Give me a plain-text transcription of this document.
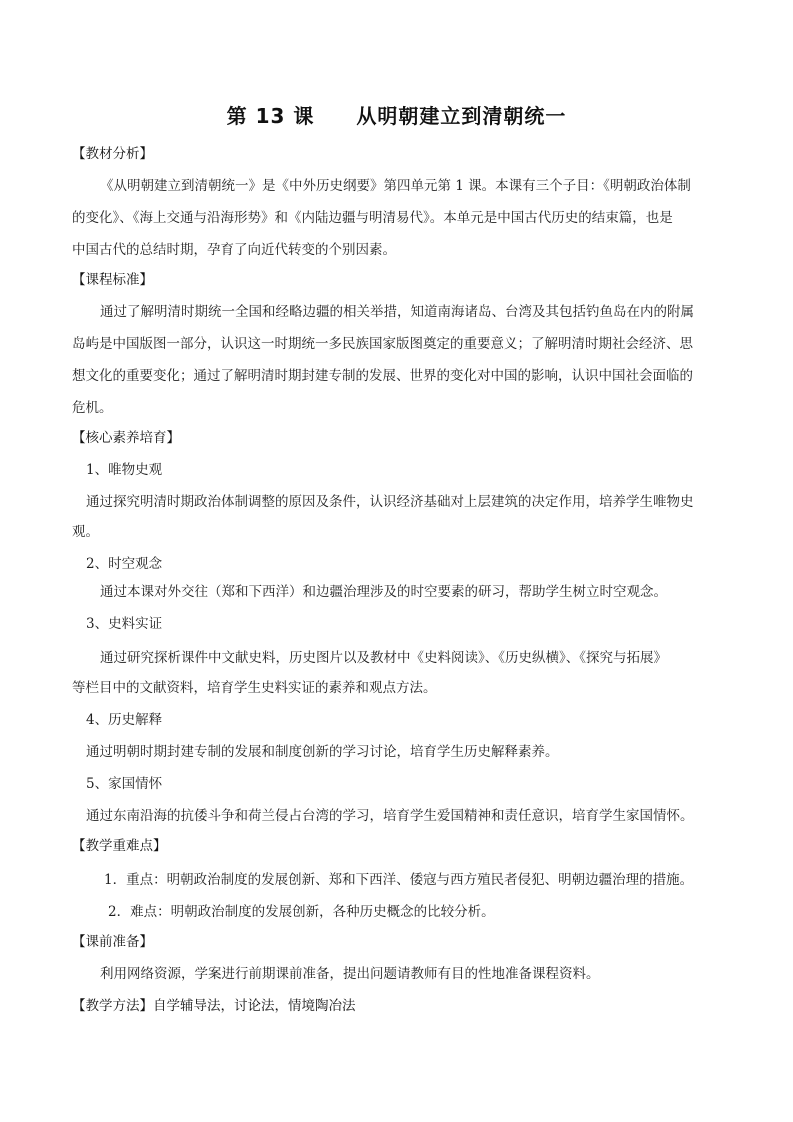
第 13 课　　从明朝建立到清朝统一
【教材分析】
《从明朝建立到清朝统一》是《中外历史纲要》第四单元第 1 课。本课有三个子目：《明朝政治体制
的变化》、《海上交通与沿海形势》和《内陆边疆与明清易代》。本单元是中国古代历史的结束篇，也是
中国古代的总结时期，孕育了向近代转变的个别因素。
【课程标准】
通过了解明清时期统一全国和经略边疆的相关举措，知道南海诸岛、台湾及其包括钓鱼岛在内的附属
岛屿是中国版图一部分，认识这一时期统一多民族国家版图奠定的重要意义；了解明清时期社会经济、思
想文化的重要变化；通过了解明清时期封建专制的发展、世界的变化对中国的影响，认识中国社会面临的
危机。
【核心素养培育】
1、唯物史观
通过探究明清时期政治体制调整的原因及条件，认识经济基础对上层建筑的决定作用，培养学生唯物史
观。
2、时空观念
通过本课对外交往（郑和下西洋）和边疆治理涉及的时空要素的研习，帮助学生树立时空观念。
3、史料实证
通过研究探析课件中文献史料，历史图片以及教材中《史料阅读》、《历史纵横》、《探究与拓展》
等栏目中的文献资料，培育学生史料实证的素养和观点方法。
4、历史解释
通过明朝时期封建专制的发展和制度创新的学习讨论，培育学生历史解释素养。
5、家国情怀
通过东南沿海的抗倭斗争和荷兰侵占台湾的学习，培育学生爱国精神和责任意识，培育学生家国情怀。
【教学重难点】
1．重点：明朝政治制度的发展创新、郑和下西洋、倭寇与西方殖民者侵犯、明朝边疆治理的措施。
2．难点：明朝政治制度的发展创新，各种历史概念的比较分析。
【课前准备】
利用网络资源，学案进行前期课前准备，提出问题请教师有目的性地准备课程资料。
【教学方法】自学辅导法，讨论法，情境陶冶法
